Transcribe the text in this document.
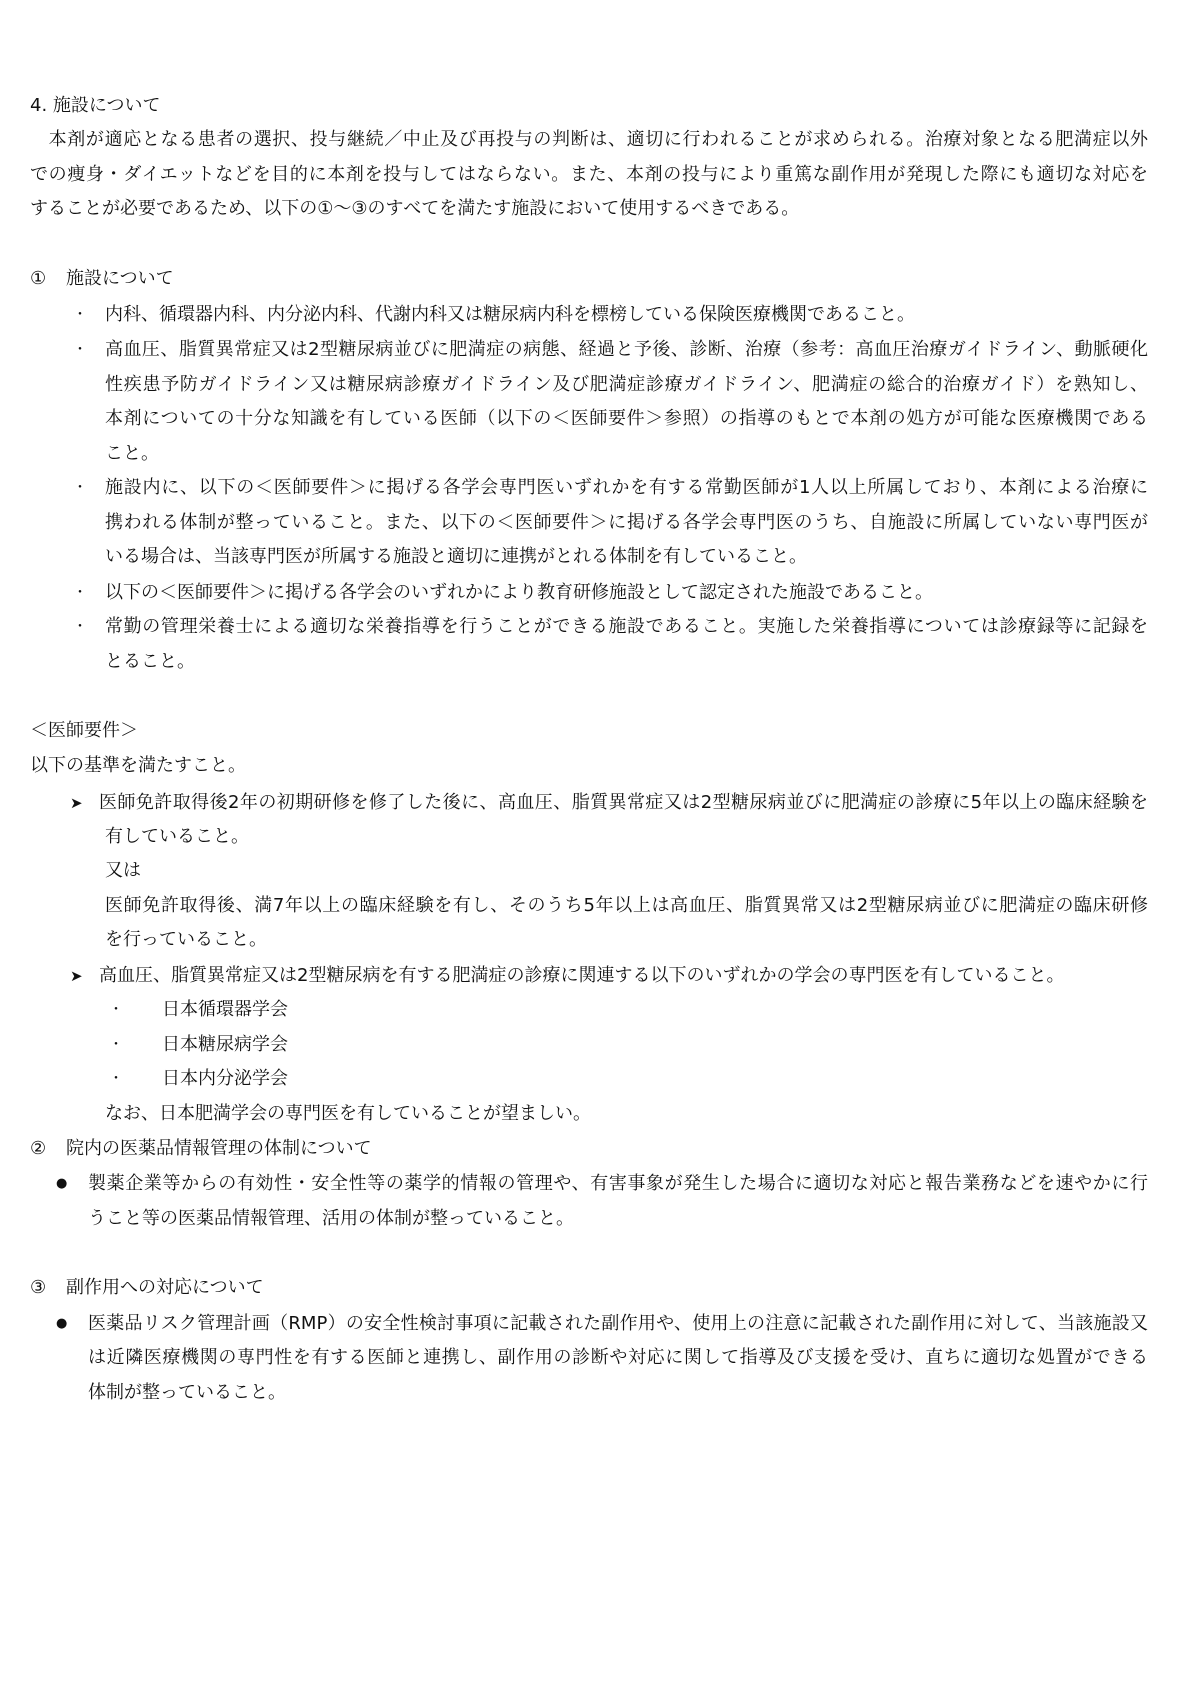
4. 施設について
　本剤が適応となる患者の選択、投与継続／中止及び再投与の判断は、適切に行われることが求められる。治療対象となる肥満症以外
での痩身・ダイエットなどを目的に本剤を投与してはならない。また、本剤の投与により重篤な副作用が発現した際にも適切な対応を
することが必要であるため、以下の①～③のすべてを満たす施設において使用するべきである。
① 施設について
内科、循環器内科、内分泌内科、代謝内科又は糖尿病内科を標榜している保険医療機関であること。
高血圧、脂質異常症又は2型糖尿病並びに肥満症の病態、経過と予後、診断、治療（参考：高血圧治療ガイドライン、動脈硬化
性疾患予防ガイドライン又は糖尿病診療ガイドライン及び肥満症診療ガイドライン、肥満症の総合的治療ガイド）を熟知し、
本剤についての十分な知識を有している医師（以下の＜医師要件＞参照）の指導のもとで本剤の処方が可能な医療機関である
こと。
施設内に、以下の＜医師要件＞に掲げる各学会専門医いずれかを有する常勤医師が1人以上所属しており、本剤による治療に
携われる体制が整っていること。また、以下の＜医師要件＞に掲げる各学会専門医のうち、自施設に所属していない専門医が
いる場合は、当該専門医が所属する施設と適切に連携がとれる体制を有していること。
以下の＜医師要件＞に掲げる各学会のいずれかにより教育研修施設として認定された施設であること。
常勤の管理栄養士による適切な栄養指導を行うことができる施設であること。実施した栄養指導については診療録等に記録を
とること。
＜医師要件＞
以下の基準を満たすこと。
医師免許取得後2年の初期研修を修了した後に、高血圧、脂質異常症又は2型糖尿病並びに肥満症の診療に5年以上の臨床経験を
有していること。
又は
医師免許取得後、満7年以上の臨床経験を有し、そのうち5年以上は高血圧、脂質異常又は2型糖尿病並びに肥満症の臨床研修
を行っていること。
高血圧、脂質異常症又は2型糖尿病を有する肥満症の診療に関連する以下のいずれかの学会の専門医を有していること。
日本循環器学会
日本糖尿病学会
日本内分泌学会
なお、日本肥満学会の専門医を有していることが望ましい。
② 院内の医薬品情報管理の体制について
製薬企業等からの有効性・安全性等の薬学的情報の管理や、有害事象が発生した場合に適切な対応と報告業務などを速やかに行
うこと等の医薬品情報管理、活用の体制が整っていること。
③ 副作用への対応について
医薬品リスク管理計画（RMP）の安全性検討事項に記載された副作用や、使用上の注意に記載された副作用に対して、当該施設又
は近隣医療機関の専門性を有する医師と連携し、副作用の診断や対応に関して指導及び支援を受け、直ちに適切な処置ができる
体制が整っていること。
・
・
・
・
・
➤
➤
・
・
・
●
●
